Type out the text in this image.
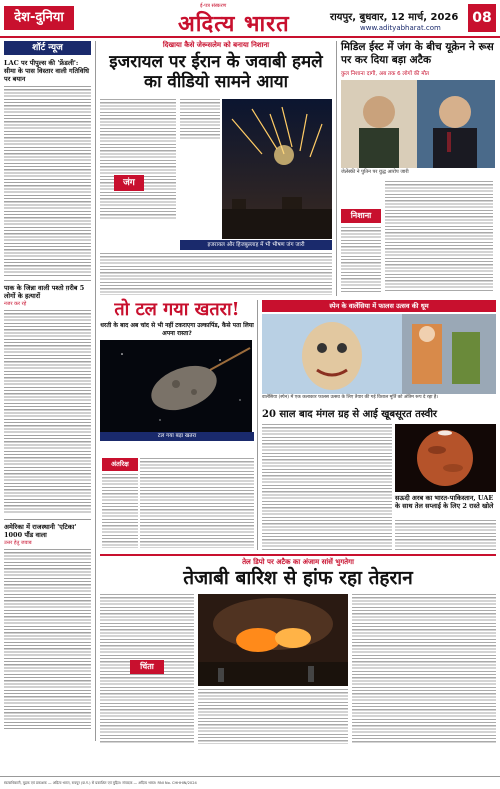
देश-दुनिया
ई-पत्र संस्करण
अदित्य भारत	रायपुर, बुधवार, 12 मार्च, 2026
www.adityabharat.com
08
शॉर्ट न्यूज
LAC पर पीपुल्स की 'फ्रेंडली': सीमा के पास विस्तार वाली गतिविधि पर बयान
पाक के जिन्ना वाली पश्तो ग़रीब 5 लोगों के हत्यारों
नजर कर रहे
अमेरिका में राजस्थानी 'एटिका' 1000 पौंड वाला
उत्तर हेतु जवाब
दिखाया कैसे जेरूसलेम को बनाया निशाना
इजरायल पर ईरान के जवाबी हमले का वीडियो सामने आया
जंग
इजरायल और हिजबुल्लाह में भी भीषण जंग जारी
मिडिल ईस्ट में जंग के बीच यूक्रेन ने रूस पर कर दिया बड़ा अटैक
कुल निशाना दागी, अब तक 6 लोगों की मौत
जेलेंस्की ने पुतिन पर युद्ध आरोप जारी
निशाना
स्पेन के वालेंसिया में फालस उत्सव की धूम
तो टल गया खतरा!
धरती के बाद अब चांद से भी नहीं टकराएगा उल्कापिंड, कैसे पता लिया अपना रास्ता?
टल गया बड़ा खतरा
अंतरिक्ष
वालेंसिया (स्पेन) में एक कलाकार फालस उत्सव के लिए तैयार की गई विशाल मूर्ति को अंतिम रूप दे रहा है।
20 साल बाद मंगल ग्रह से आई खूबसूरत तस्वीर
सऊदी अरब का भारत-पाकिस्तान, UAE के साथ तेल सप्लाई के लिए 2 रास्ते खोले
तेल डिपो पर अटैक का अंजाम सांसें भुगतेगा
तेजाबी बारिश से हांफ रहा तेहरान
चिंता
स्वत्वाधिकारी, मुद्रक एवं प्रकाशक — अदित्य भारत, रायपुर (छ.ग.) से प्रकाशित एवं मुद्रित। संपादक — अदित्य भारत। RNI No. CHHHIN/2024
